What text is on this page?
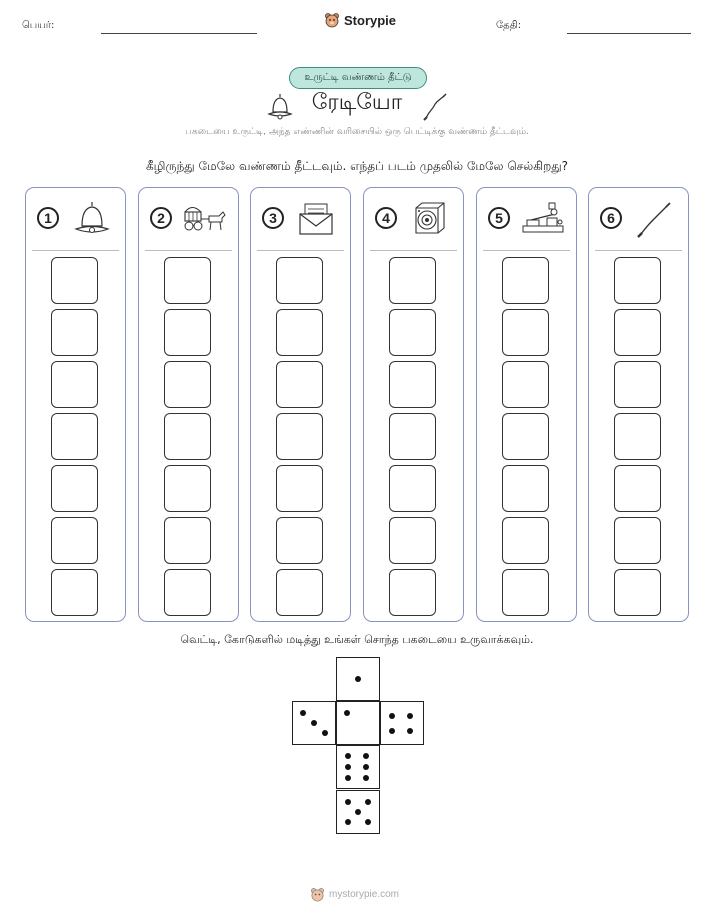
பெயர்:	தேதி:
Storypie
உருட்டி வண்ணம் தீட்டு
ரேடியோ
பகடையை உருட்டி, அந்த எண்ணின் வரிசையில் ஒரு பெட்டிக்கு வண்ணம் தீட்டவும்.
கீழிருந்து மேலே வண்ணம் தீட்டவும். எந்தப் படம் முதலில் மேலே செல்கிறது?
1	2	3	4	5	6
வெட்டி, கோடுகளில் மடித்து உங்கள் சொந்த பகடையை உருவாக்கவும்.
mystorypie.com
